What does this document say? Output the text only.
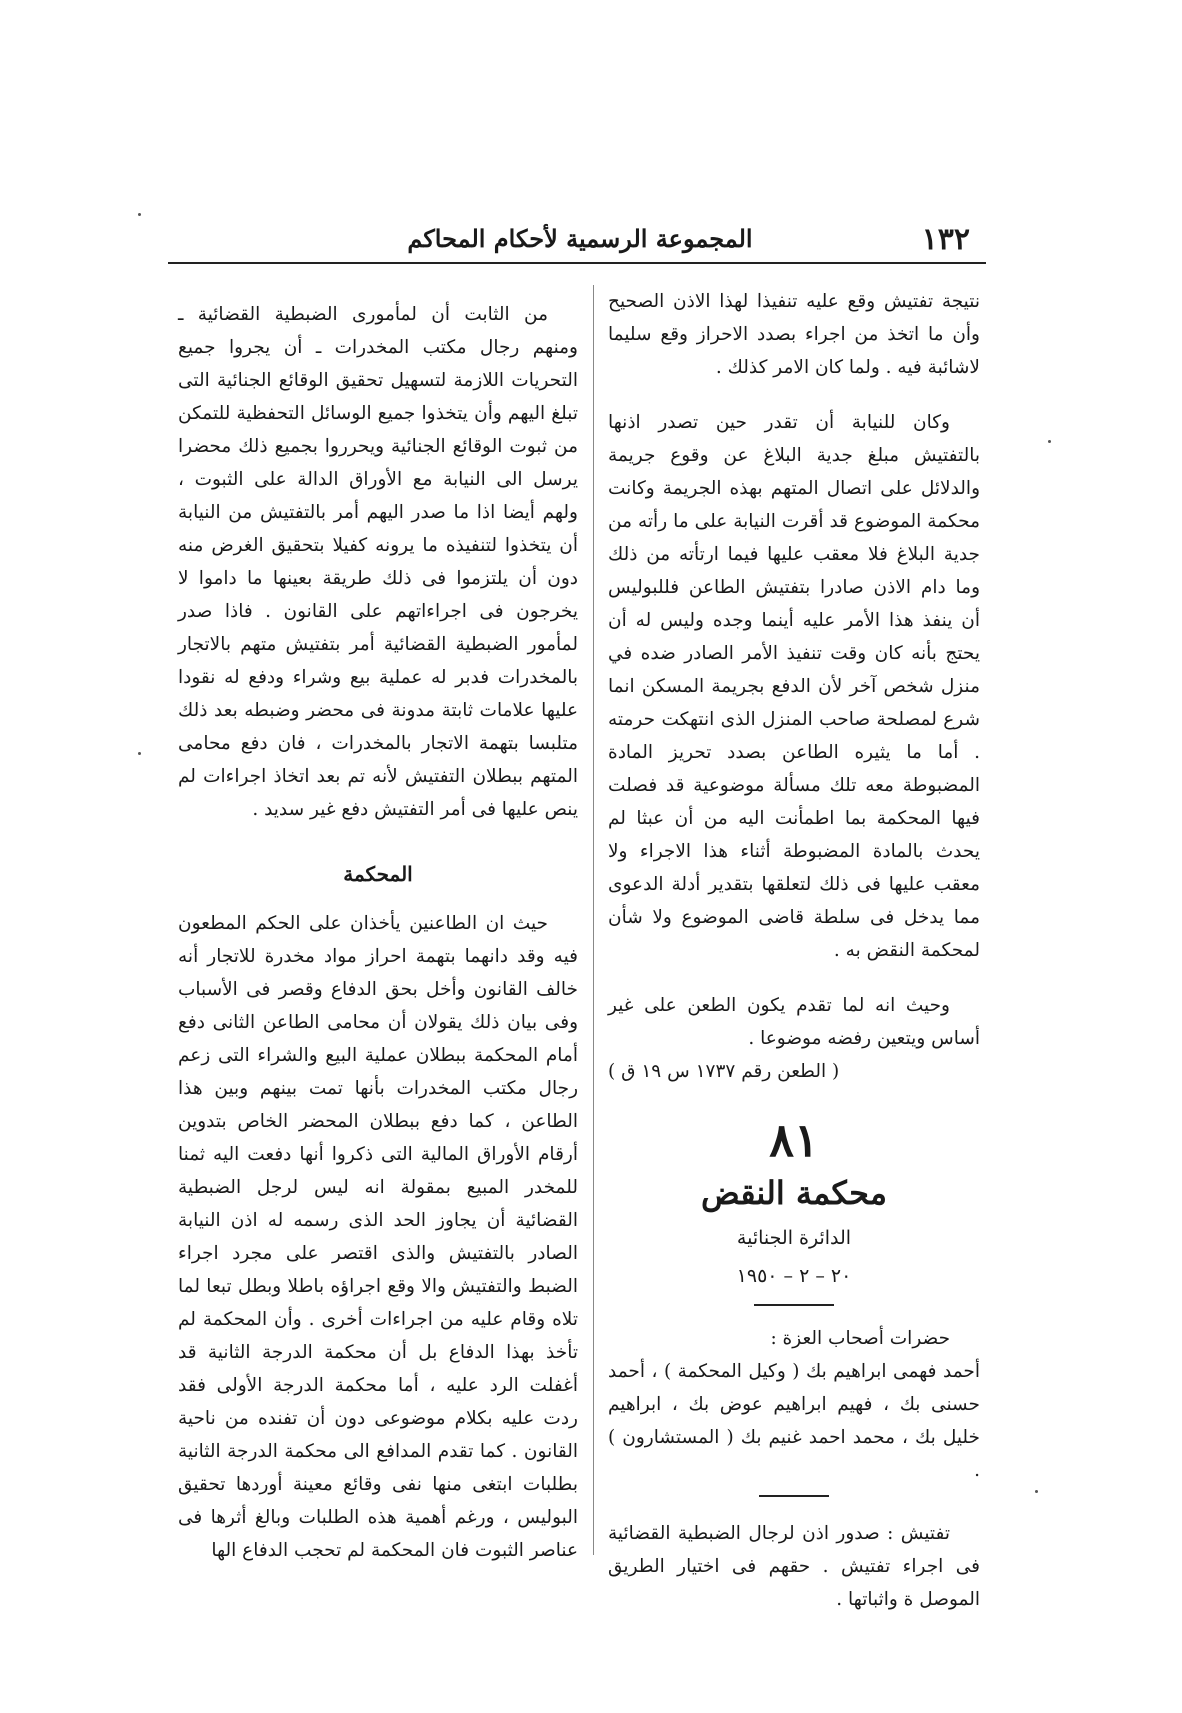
١٣٢
المجموعة الرسمية لأحكام المحاكم

نتيجة تفتيش وقع عليه تنفيذا لهذا الاذن الصحيح وأن ما اتخذ من اجراء بصدد الاحراز وقع سليما لاشائبة فيه . ولما كان الامر كذلك .

وكان للنيابة أن تقدر حين تصدر اذنها بالتفتيش مبلغ جدية البلاغ عن وقوع جريمة والدلائل على اتصال المتهم بهذه الجريمة وكانت محكمة الموضوع قد أقرت النيابة على ما رأته من جدية البلاغ فلا معقب عليها فيما ارتأته من ذلك وما دام الاذن صادرا بتفتيش الطاعن فللبوليس أن ينفذ هذا الأمر عليه أينما وجده وليس له أن يحتج بأنه كان وقت تنفيذ الأمر الصادر ضده في منزل شخص آخر لأن الدفع بجريمة المسكن انما شرع لمصلحة صاحب المنزل الذى انتهكت حرمته . أما ما يثيره الطاعن بصدد تحريز المادة المضبوطة معه تلك مسألة موضوعية قد فصلت فيها المحكمة بما اطمأنت اليه من أن عبثا لم يحدث بالمادة المضبوطة أثناء هذا الاجراء ولا معقب عليها فى ذلك لتعلقها بتقدير أدلة الدعوى مما يدخل فى سلطة قاضى الموضوع ولا شأن لمحكمة النقض به .

وحيث انه لما تقدم يكون الطعن على غير أساس ويتعين رفضه موضوعا .

( الطعن رقم ١٧٣٧ س ١٩ ق )

٨١
محكمة النقض
الدائرة الجنائية
٢٠ – ٢ – ١٩٥٠

حضرات أصحاب العزة :

أحمد فهمى ابراهيم بك ( وكيل المحكمة ) ، أحمد حسنى بك ، فهيم ابراهيم عوض بك ، ابراهيم خليل بك ، محمد احمد غنيم بك ( المستشارون ) .

تفتيش : صدور اذن لرجال الضبطية القضائية فى اجراء تفتيش . حقهم فى اختيار الطريق الموصل ة واثباتها .

من الثابت أن لمأمورى الضبطية القضائية ـ ومنهم رجال مكتب المخدرات ـ أن يجروا جميع التحريات اللازمة لتسهيل تحقيق الوقائع الجنائية التى تبلغ اليهم وأن يتخذوا جميع الوسائل التحفظية للتمكن من ثبوت الوقائع الجنائية ويحرروا بجميع ذلك محضرا يرسل الى النيابة مع الأوراق الدالة على الثبوت ، ولهم أيضا اذا ما صدر اليهم أمر بالتفتيش من النيابة أن يتخذوا لتنفيذه ما يرونه كفيلا بتحقيق الغرض منه دون أن يلتزموا فى ذلك طريقة بعينها ما داموا لا يخرجون فى اجراءاتهم على القانون . فاذا صدر لمأمور الضبطية القضائية أمر بتفتيش متهم بالاتجار بالمخدرات فدبر له عملية بيع وشراء ودفع له نقودا عليها علامات ثابتة مدونة فى محضر وضبطه بعد ذلك متلبسا بتهمة الاتجار بالمخدرات ، فان دفع محامى المتهم ببطلان التفتيش لأنه تم بعد اتخاذ اجراءات لم ينص عليها فى أمر التفتيش دفع غير سديد .

المحكمة

حيث ان الطاعنين يأخذان على الحكم المطعون فيه وقد دانهما بتهمة احراز مواد مخدرة للاتجار أنه خالف القانون وأخل بحق الدفاع وقصر فى الأسباب وفى بيان ذلك يقولان أن محامى الطاعن الثانى دفع أمام المحكمة ببطلان عملية البيع والشراء التى زعم رجال مكتب المخدرات بأنها تمت بينهم وبين هذا الطاعن ، كما دفع ببطلان المحضر الخاص بتدوين أرقام الأوراق المالية التى ذكروا أنها دفعت اليه ثمنا للمخدر المبيع بمقولة انه ليس لرجل الضبطية القضائية أن يجاوز الحد الذى رسمه له اذن النيابة الصادر بالتفتيش والذى اقتصر على مجرد اجراء الضبط والتفتيش والا وقع اجراؤه باطلا وبطل تبعا لما تلاه وقام عليه من اجراءات أخرى . وأن المحكمة لم تأخذ بهذا الدفاع بل أن محكمة الدرجة الثانية قد أغفلت الرد عليه ، أما محكمة الدرجة الأولى فقد ردت عليه بكلام موضوعى دون أن تفنده من ناحية القانون . كما تقدم المدافع الى محكمة الدرجة الثانية بطلبات ابتغى منها نفى وقائع معينة أوردها تحقيق البوليس ، ورغم أهمية هذه الطلبات وبالغ أثرها فى عناصر الثبوت فان المحكمة لم تحجب الدفاع الها
